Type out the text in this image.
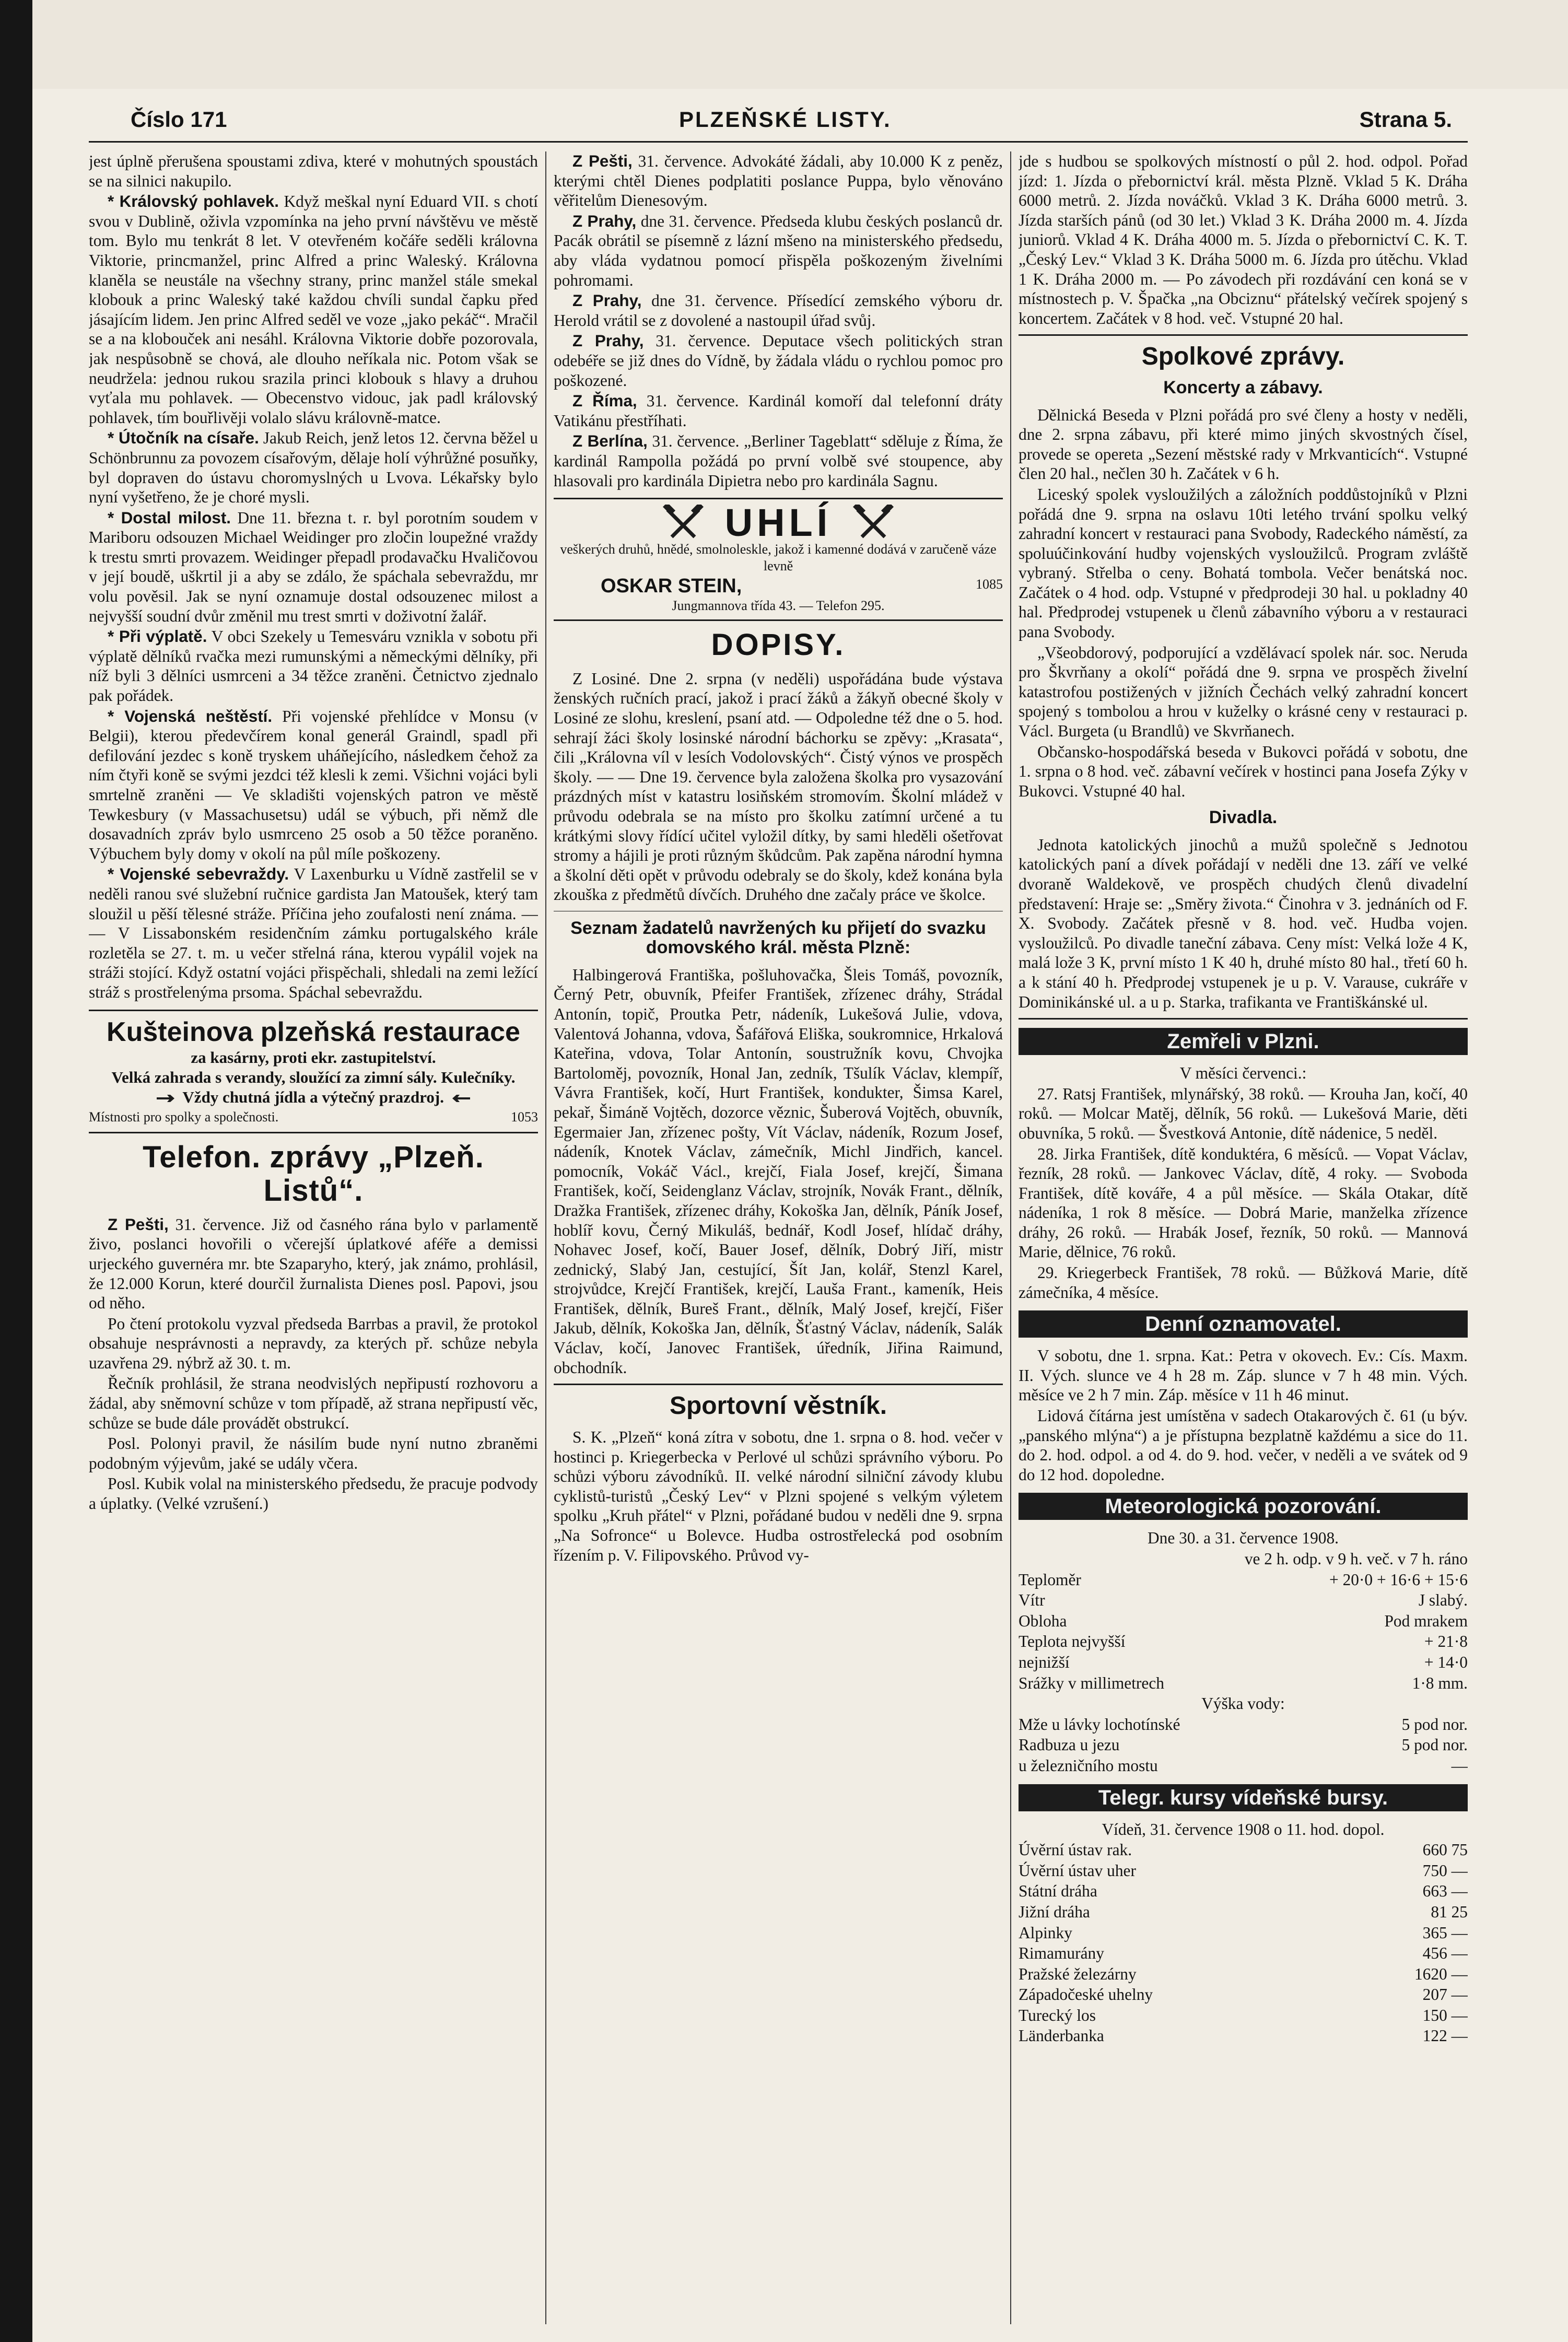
Číslo 171	PLZEŇSKÉ LISTY.	Strana 5.

jest úplně přerušena spoustami zdiva, které v mohutných spoustách se na silnici nakupilo.

* Královský pohlavek. Když meškal nyní Eduard VII. s chotí svou v Dublině, oživla vzpomínka na jeho první návštěvu ve městě tom. Bylo mu tenkrát 8 let. V otevřeném kočáře seděli královna Viktorie, princmanžel, princ Alfred a princ Waleský. Královna klaněla se neustále na všechny strany, princ manžel stále smekal klobouk a princ Waleský také každou chvíli sundal čapku před jásajícím lidem. Jen princ Alfred seděl ve voze „jako pekáč“. Mračil se a na klobouček ani nesáhl. Královna Viktorie dobře pozorovala, jak nespůsobně se chová, ale dlouho neříkala nic. Potom však se neudržela: jednou rukou srazila princi klobouk s hlavy a druhou vyťala mu pohlavek. — Obecenstvo vidouc, jak padl královský pohlavek, tím bouřlivěji volalo slávu královně-matce.

* Útočník na císaře. Jakub Reich, jenž letos 12. června běžel u Schönbrunnu za povozem císařovým, dělaje holí výhrůžné posuňky, byl dopraven do ústavu choromyslných u Lvova. Lékařsky bylo nyní vyšetřeno, že je choré mysli.

* Dostal milost. Dne 11. března t. r. byl porotním soudem v Mariboru odsouzen Michael Weidinger pro zločin loupežné vraždy k trestu smrti provazem. Weidinger přepadl prodavačku Hvaličovou v její boudě, uškrtil ji a aby se zdálo, že spáchala sebevraždu, mr volu pověsil. Jak se nyní oznamuje dostal odsouzenec milost a nejvyšší soudní dvůr změnil mu trest smrti v doživotní žalář.

* Při výplatě. V obci Szekely u Temesváru vznikla v sobotu při výplatě dělníků rvačka mezi rumunskými a německými dělníky, při níž byli 3 dělníci usmrceni a 34 těžce zraněni. Četnictvo zjednalo pak pořádek.

* Vojenská neštěstí. Při vojenské přehlídce v Monsu (v Belgii), kterou předevčírem konal generál Graindl, spadl při defilování jezdec s koně tryskem uháňejícího, následkem čehož za ním čtyři koně se svými jezdci též klesli k zemi. Všichni vojáci byli smrtelně zraněni — Ve skladišti vojenských patron ve městě Tewkesbury (v Massachusetsu) udál se výbuch, při němž dle dosavadních zpráv bylo usmrceno 25 osob a 50 těžce poraněno. Výbuchem byly domy v okolí na půl míle poškozeny.

* Vojenské sebevraždy. V Laxenburku u Vídně zastřelil se v neděli ranou své služební ručnice gardista Jan Matoušek, který tam sloužil u pěší tělesné stráže. Příčina jeho zoufalosti není známa. — — V Lissabonském residenčním zámku portugalského krále rozletěla se 27. t. m. u večer střelná rána, kterou vypálil vojek na stráži stojící. Když ostatní vojáci přispěchali, shledali na zemi ležící stráž s prostřelenýma prsoma. Spáchal sebevraždu.

Kušteinova plzeňská restaurace
za kasárny, proti ekr. zastupitelství.
Velká zahrada s verandy, sloužící za zimní sály. Kulečníky.
Vždy chutná jídla a výtečný prazdroj.
Místnosti pro spolky a společnosti.	1053
Telefon. zprávy „Plzeň. Listů“.

Z Pešti, 31. července. Již od časného rána bylo v parlamentě živo, poslanci hovořili o včerejší úplatkové aféře a demissi urjeckého guvernéra mr. bte Szaparyho, který, jak známo, prohlásil, že 12.000 Korun, které dourčil žurnalista Dienes posl. Papovi, jsou od něho.

Po čtení protokolu vyzval předseda Barrbas a pravil, že protokol obsahuje nesprávnosti a nepravdy, za kterých př. schůze nebyla uzavřena 29. nýbrž až 30. t. m.

Řečník prohlásil, že strana neodvislých nepřipustí rozhovoru a žádal, aby sněmovní schůze v tom případě, až strana nepřipustí věc, schůze se bude dále provádět obstrukcí.

Posl. Polonyi pravil, že násilím bude nyní nutno zbraněmi podobným výjevům, jaké se udály včera.

Posl. Kubik volal na ministerského předsedu, že pracuje podvody a úplatky. (Velké vzrušení.)

Z Pešti, 31. července. Advokáté žádali, aby 10.000 K z peněz, kterými chtěl Dienes podplatiti poslance Puppa, bylo věnováno věřitelům Dienesovým.

Z Prahy, dne 31. července. Předseda klubu českých poslanců dr. Pacák obrátil se písemně z lázní mšeno na ministerského předsedu, aby vláda vydatnou pomocí přispěla poškozeným živelními pohromami.

Z Prahy, dne 31. července. Přísedící zemského výboru dr. Herold vrátil se z dovolené a nastoupil úřad svůj.

Z Prahy, 31. července. Deputace všech politických stran odebéře se již dnes do Vídně, by žádala vládu o rychlou pomoc pro poškozené.

Z Říma, 31. července. Kardinál komoří dal telefonní dráty Vatikánu přestříhati.

Z Berlína, 31. července. „Berliner Tageblatt“ sděluje z Říma, že kardinál Rampolla požádá po první volbě své stoupence, aby hlasovali pro kardinála Dipietra nebo pro kardinála Sagnu.

UHLÍ
veškerých druhů, hnědé, smolnoleskle, jakož i kamenné dodává v zaručeně váze levně
OSKAR STEIN,	1085
Jungmannova třída 43. — Telefon 295.
DOPISY.

Z Losiné. Dne 2. srpna (v neděli) uspořádána bude výstava ženských ručních prací, jakož i prací žáků a žákyň obecné školy v Losiné ze slohu, kreslení, psaní atd. — Odpoledne též dne o 5. hod. sehrají žáci školy losinské národní báchorku se zpěvy: „Krasata“, čili „Královna víl v lesích Vodolovských“. Čistý výnos ve prospěch školy. — — Dne 19. července byla založena školka pro vysazování prázdných míst v katastru losiňském stromovím. Školní mládež v průvodu odebrala se na místo pro školku zatímní určené a tu krátkými slovy řídící učitel vyložil dítky, by sami hleděli ošetřovat stromy a hájili je proti různým škůdcům. Pak zapěna národní hymna a školní děti opět v průvodu odebraly se do školy, kdež konána byla zkouška z předmětů dívčích. Druhého dne začaly práce ve školce.

Seznam žadatelů navržených ku přijetí do svazku domovského král. města Plzně:

Halbingerová Františka, pošluhovačka, Šleis Tomáš, povozník, Černý Petr, obuvník, Pfeifer František, zřízenec dráhy, Strádal Antonín, topič, Proutka Petr, nádeník, Lukešová Julie, vdova, Valentová Johanna, vdova, Šafářová Eliška, soukromnice, Hrkalová Kateřina, vdova, Tolar Antonín, soustružník kovu, Chvojka Bartoloměj, povozník, Honal Jan, zedník, Tšulík Václav, klempíř, Vávra František, kočí, Hurt František, kondukter, Šimsa Karel, pekař, Šimáně Vojtěch, dozorce věznic, Šuberová Vojtěch, obuvník, Egermaier Jan, zřízenec pošty, Vít Václav, nádeník, Rozum Josef, nádeník, Knotek Václav, zámečník, Michl Jindřich, kancel. pomocník, Vokáč Václ., krejčí, Fiala Josef, krejčí, Šimana František, kočí, Seidenglanz Václav, strojník, Novák Frant., dělník, Dražka František, zřízenec dráhy, Kokoška Jan, dělník, Páník Josef, hoblíř kovu, Černý Mikuláš, bednář, Kodl Josef, hlídač dráhy, Nohavec Josef, kočí, Bauer Josef, dělník, Dobrý Jiří, mistr zednický, Slabý Jan, cestující, Šít Jan, kolář, Stenzl Karel, strojvůdce, Krejčí František, krejčí, Lauša Frant., kameník, Heis František, dělník, Bureš Frant., dělník, Malý Josef, krejčí, Fišer Jakub, dělník, Kokoška Jan, dělník, Šťastný Václav, nádeník, Salák Václav, kočí, Janovec František, úředník, Jiřina Raimund, obchodník.

Sportovní věstník.

S. K. „Plzeň“ koná zítra v sobotu, dne 1. srpna o 8. hod. večer v hostinci p. Kriegerbecka v Perlové ul schůzi správního výboru. Po schůzi výboru závodníků. II. velké národní silniční závody klubu cyklistů-turistů „Český Lev“ v Plzni spojené s velkým výletem spolku „Kruh přátel“ v Plzni, pořádané budou v neděli dne 9. srpna „Na Sofronce“ u Bolevce. Hudba ostrostřelecká pod osobním řízením p. V. Filipovského. Průvod vy-

jde s hudbou se spolkových místností o půl 2. hod. odpol. Pořad jízd: 1. Jízda o přebornictví král. města Plzně. Vklad 5 K. Dráha 6000 metrů. 2. Jízda nováčků. Vklad 3 K. Dráha 6000 metrů. 3. Jízda starších pánů (od 30 let.) Vklad 3 K. Dráha 2000 m. 4. Jízda juniorů. Vklad 4 K. Dráha 4000 m. 5. Jízda o přebornictví C. K. T. „Český Lev.“ Vklad 3 K. Dráha 5000 m. 6. Jízda pro útěchu. Vklad 1 K. Dráha 2000 m. — Po závodech při rozdávání cen koná se v místnostech p. V. Špačka „na Obciznu“ přátelský večírek spojený s koncertem. Začátek v 8 hod. več. Vstupné 20 hal.

Spolkové zprávy.
Koncerty a zábavy.

Dělnická Beseda v Plzni pořádá pro své členy a hosty v neděli, dne 2. srpna zábavu, při které mimo jiných skvostných čísel, provede se opereta „Sezení městské rady v Mrkvanticích“. Vstupné člen 20 hal., nečlen 30 h. Začátek v 6 h.

Liceský spolek vysloužilých a záložních poddůstojníků v Plzni pořádá dne 9. srpna na oslavu 10ti letého trvání spolku velký zahradní koncert v restauraci pana Svobody, Radeckého náměstí, za spoluúčinkování hudby vojenských vysloužilců. Program zvláště vybraný. Střelba o ceny. Bohatá tombola. Večer benátská noc. Začátek o 4 hod. odp. Vstupné v předprodeji 30 hal. u pokladny 40 hal. Předprodej vstupenek u členů zábavního výboru a v restauraci pana Svobody.

„Všeobdorový, podporující a vzdělávací spolek nár. soc. Neruda pro Škvrňany a okolí“ pořádá dne 9. srpna ve prospěch živelní katastrofou postižených v jižních Čechách velký zahradní koncert spojený s tombolou a hrou v kuželky o krásné ceny v restauraci p. Václ. Burgeta (u Brandlů) ve Skvrňanech.

Občansko-hospodářská beseda v Bukovci pořádá v sobotu, dne 1. srpna o 8 hod. več. zábavní večírek v hostinci pana Josefa Zýky v Bukovci. Vstupné 40 hal.

Divadla.

Jednota katolických jinochů a mužů společně s Jednotou katolických paní a dívek pořádají v neděli dne 13. září ve velké dvoraně Waldekově, ve prospěch chudých členů divadelní představení: Hraje se: „Směry života.“ Činohra v 3. jednáních od F. X. Svobody. Začátek přesně v 8. hod. več. Hudba vojen. vysloužilců. Po divadle taneční zábava. Ceny míst: Velká lože 4 K, malá lože 3 K, první místo 1 K 40 h, druhé místo 80 hal., třetí 60 h. a k stání 40 h. Předprodej vstupenek je u p. V. Varause, cukráře v Dominikánské ul. a u p. Starka, trafikanta ve Františkánské ul.

Zemřeli v Plzni.

V měsíci červenci.:

27. Ratsj František, mlynářský, 38 roků. — Krouha Jan, kočí, 40 roků. — Molcar Matěj, dělník, 56 roků. — Lukešová Marie, děti obuvníka, 5 roků. — Švestková Antonie, dítě nádenice, 5 neděl.

28. Jirka František, dítě konduktéra, 6 měsíců. — Vopat Václav, řezník, 28 roků. — Jankovec Václav, dítě, 4 roky. — Svoboda František, dítě kováře, 4 a půl měsíce. — Skála Otakar, dítě nádeníka, 1 rok 8 měsíce. — Dobrá Marie, manželka zřízence dráhy, 26 roků. — Hrabák Josef, řezník, 50 roků. — Mannová Marie, dělnice, 76 roků.

29. Kriegerbeck František, 78 roků. — Bůžková Marie, dítě zámečníka, 4 měsíce.

Denní oznamovatel.

V sobotu, dne 1. srpna. Kat.: Petra v okovech. Ev.: Cís. Maxm. II. Vých. slunce ve 4 h 28 m. Záp. slunce v 7 h 48 min. Vých. měsíce ve 2 h 7 min. Záp. měsíce v 11 h 46 minut.

Lidová čítárna jest umístěna v sadech Otakarových č. 61 (u býv. „panského mlýna“) a je přístupna bezplatně každému a sice do 11. do 2. hod. odpol. a od 4. do 9. hod. večer, v neděli a ve svátek od 9 do 12 hod. dopoledne.

Meteorologická pozorování.

Dne 30. a 31. července 1908.

ve 2 h. odp. v 9 h. več. v 7 h. ráno

Teploměr	+ 20·0 + 16·6 + 15·6

Vítr	J slabý.

Obloha	Pod mrakem

Teplota nejvyšší	+ 21·8

nejnižší	+ 14·0

Srážky v millimetrech	1·8 mm.

Výška vody:

Mže u lávky lochotínské	5 pod nor.

Radbuza u jezu	5 pod nor.

u železničního mostu	—

Telegr. kursy vídeňské bursy.

Vídeň, 31. července 1908 o 11. hod. dopol.

Úvěrní ústav rak.	660 75

Úvěrní ústav uher	750 —

Státní dráha	663 —

Jižní dráha	81 25

Alpinky	365 —

Rimamurány	456 —

Pražské železárny	1620 —

Západočeské uhelny	207 —

Turecký los	150 —

Länderbanka	122 —
